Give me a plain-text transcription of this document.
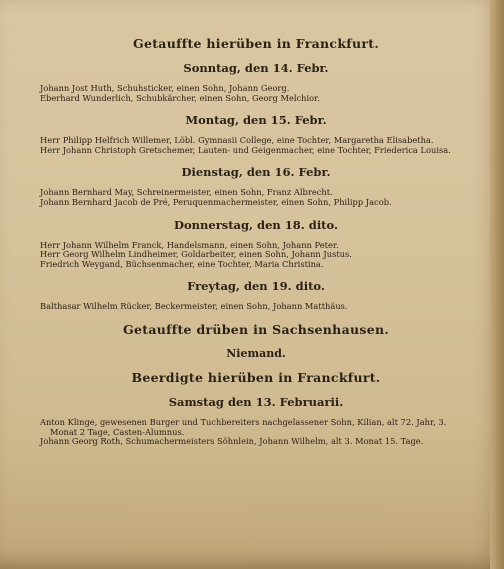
Getauffte hierüben in Franckfurt.
Sonntag, den 14. Febr.

Johann Jost Huth, Schuhsticker, einen Sohn, Johann Georg.

Eberhard Wunderlich, Schubkärcher, einen Sohn, Georg Melchior.

Montag, den 15. Febr.

Herr Philipp Helfrich Willemer, Löbl. Gymnasii College, eine Tochter, Margaretha Elisabetha.

Herr Johann Christoph Gretschemer, Lauten- und Geigenmacher, eine Tochter, Friederica Louisa.

Dienstag, den 16. Febr.

Johann Bernhard May, Schreinermeister, einen Sohn, Franz Albrecht.

Johann Bernhard Jacob de Pré, Peruquenmachermeister, einen Sohn, Philipp Jacob.

Donnerstag, den 18. dito.

Herr Johann Wilhelm Franck, Handelsmann, einen Sohn, Johann Peter.

Herr Georg Wilhelm Lindheimer, Goldarbeiter, einen Sohn, Johann Justus.

Friedrich Weygand, Büchsenmacher, eine Tochter, Maria Christina.

Freytag, den 19. dito.

Balthasar Wilhelm Rücker, Beckermeister, einen Sohn, Johann Matthäus.

Getauffte drüben in Sachsenhausen.
Niemand.
Beerdigte hierüben in Franckfurt.
Samstag den 13. Februarii.

Anton Klinge, gewesenen Burger und Tuchbereiters nachgelassener Sohn, Kilian, alt 72. Jahr, 3. Monat 2 Tage, Casten-Alumnus.

Johann Georg Roth, Schumachermeisters Söhnlein, Johann Wilhelm, alt 3. Monat 15. Tage.
